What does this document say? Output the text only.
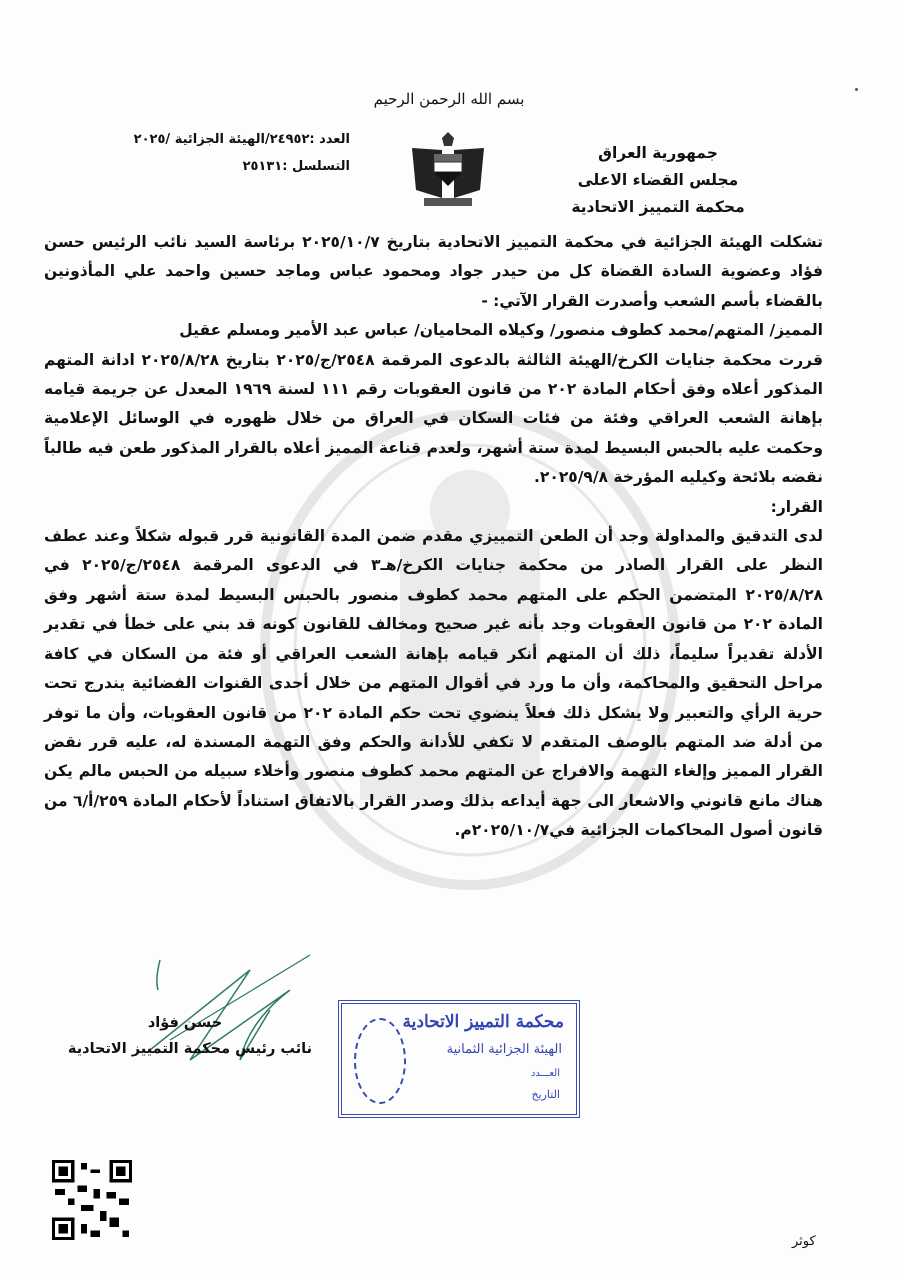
بسم الله الرحمن الرحيم
جمهورية العراق
مجلس القضاء الاعلى
محكمة التمييز الاتحادية
العدد :٢٤٩٥٢/الهيئة الجزائية /٢٠٢٥
التسلسل :٢٥١٣١

تشكلت الهيئة الجزائية في محكمة التمييز الاتحادية بتاريخ ٢٠٢٥/١٠/٧ برئاسة السيد نائب الرئيس حسن فؤاد وعضوية السادة القضاة كل من حيدر جواد ومحمود عباس وماجد حسين واحمد علي المأذونين بالقضاء بأسم الشعب وأصدرت القرار الآتي: -

المميز/ المتهم/محمد كطوف منصور/ وكيلاه المحاميان/ عباس عبد الأمير ومسلم عقيل

قررت محكمة جنايات الكرخ/الهيئة الثالثة بالدعوى المرقمة ٢٥٤٨/ج/٢٠٢٥ بتاريخ ٢٠٢٥/٨/٢٨ ادانة المتهم المذكور أعلاه وفق أحكام المادة ٢٠٢ من قانون العقوبات رقم ١١١ لسنة ١٩٦٩ المعدل عن جريمة قيامه بإهانة الشعب العراقي وفئة من فئات السكان في العراق من خلال ظهوره في الوسائل الإعلامية وحكمت عليه بالحبس البسيط لمدة ستة أشهر، ولعدم قناعة المميز أعلاه بالقرار المذكور طعن فيه طالباً نقضه بلائحة وكيليه المؤرخة ٢٠٢٥/٩/٨.

القرار:

لدى التدقيق والمداولة وجد أن الطعن التمييزي مقدم ضمن المدة القانونية قرر قبوله شكلاً وعند عطف النظر على القرار الصادر من محكمة جنايات الكرخ/هـ٣ في الدعوى المرقمة ٢٥٤٨/ج/٢٠٢٥ في ٢٠٢٥/٨/٢٨ المتضمن الحكم على المتهم محمد كطوف منصور بالحبس البسيط لمدة ستة أشهر وفق المادة ٢٠٢ من قانون العقوبات وجد بأنه غير صحيح ومخالف للقانون كونه قد بني على خطأ في تقدير الأدلة تقديراً سليماً، ذلك أن المتهم أنكر قيامه بإهانة الشعب العراقي أو فئة من السكان في كافة مراحل التحقيق والمحاكمة، وأن ما ورد في أقوال المتهم من خلال أحدى القنوات الفضائية يندرج تحت حرية الرأي والتعبير ولا يشكل ذلك فعلاً ينضوي تحت حكم المادة ٢٠٢ من قانون العقوبات، وأن ما توفر من أدلة ضد المتهم بالوصف المتقدم لا تكفي للأدانة والحكم وفق التهمة المسندة له، عليه قرر نقض القرار المميز وإلغاء التهمة والافراج عن المتهم محمد كطوف منصور وأخلاء سبيله من الحبس مالم يكن هناك مانع قانوني والاشعار الى جهة أيداعه بذلك وصدر القرار بالاتفاق استناداً لأحكام المادة ٢٥٩/أ/٦ من قانون أصول المحاكمات الجزائية في٢٠٢٥/١٠/٧م.

حسن فؤاد
نائب رئيس محكمة التمييز الاتحادية
محكمة التمييز الاتحادية
الهيئة الجزائية الثمانية
العـــدد
التاريخ
كوثر
